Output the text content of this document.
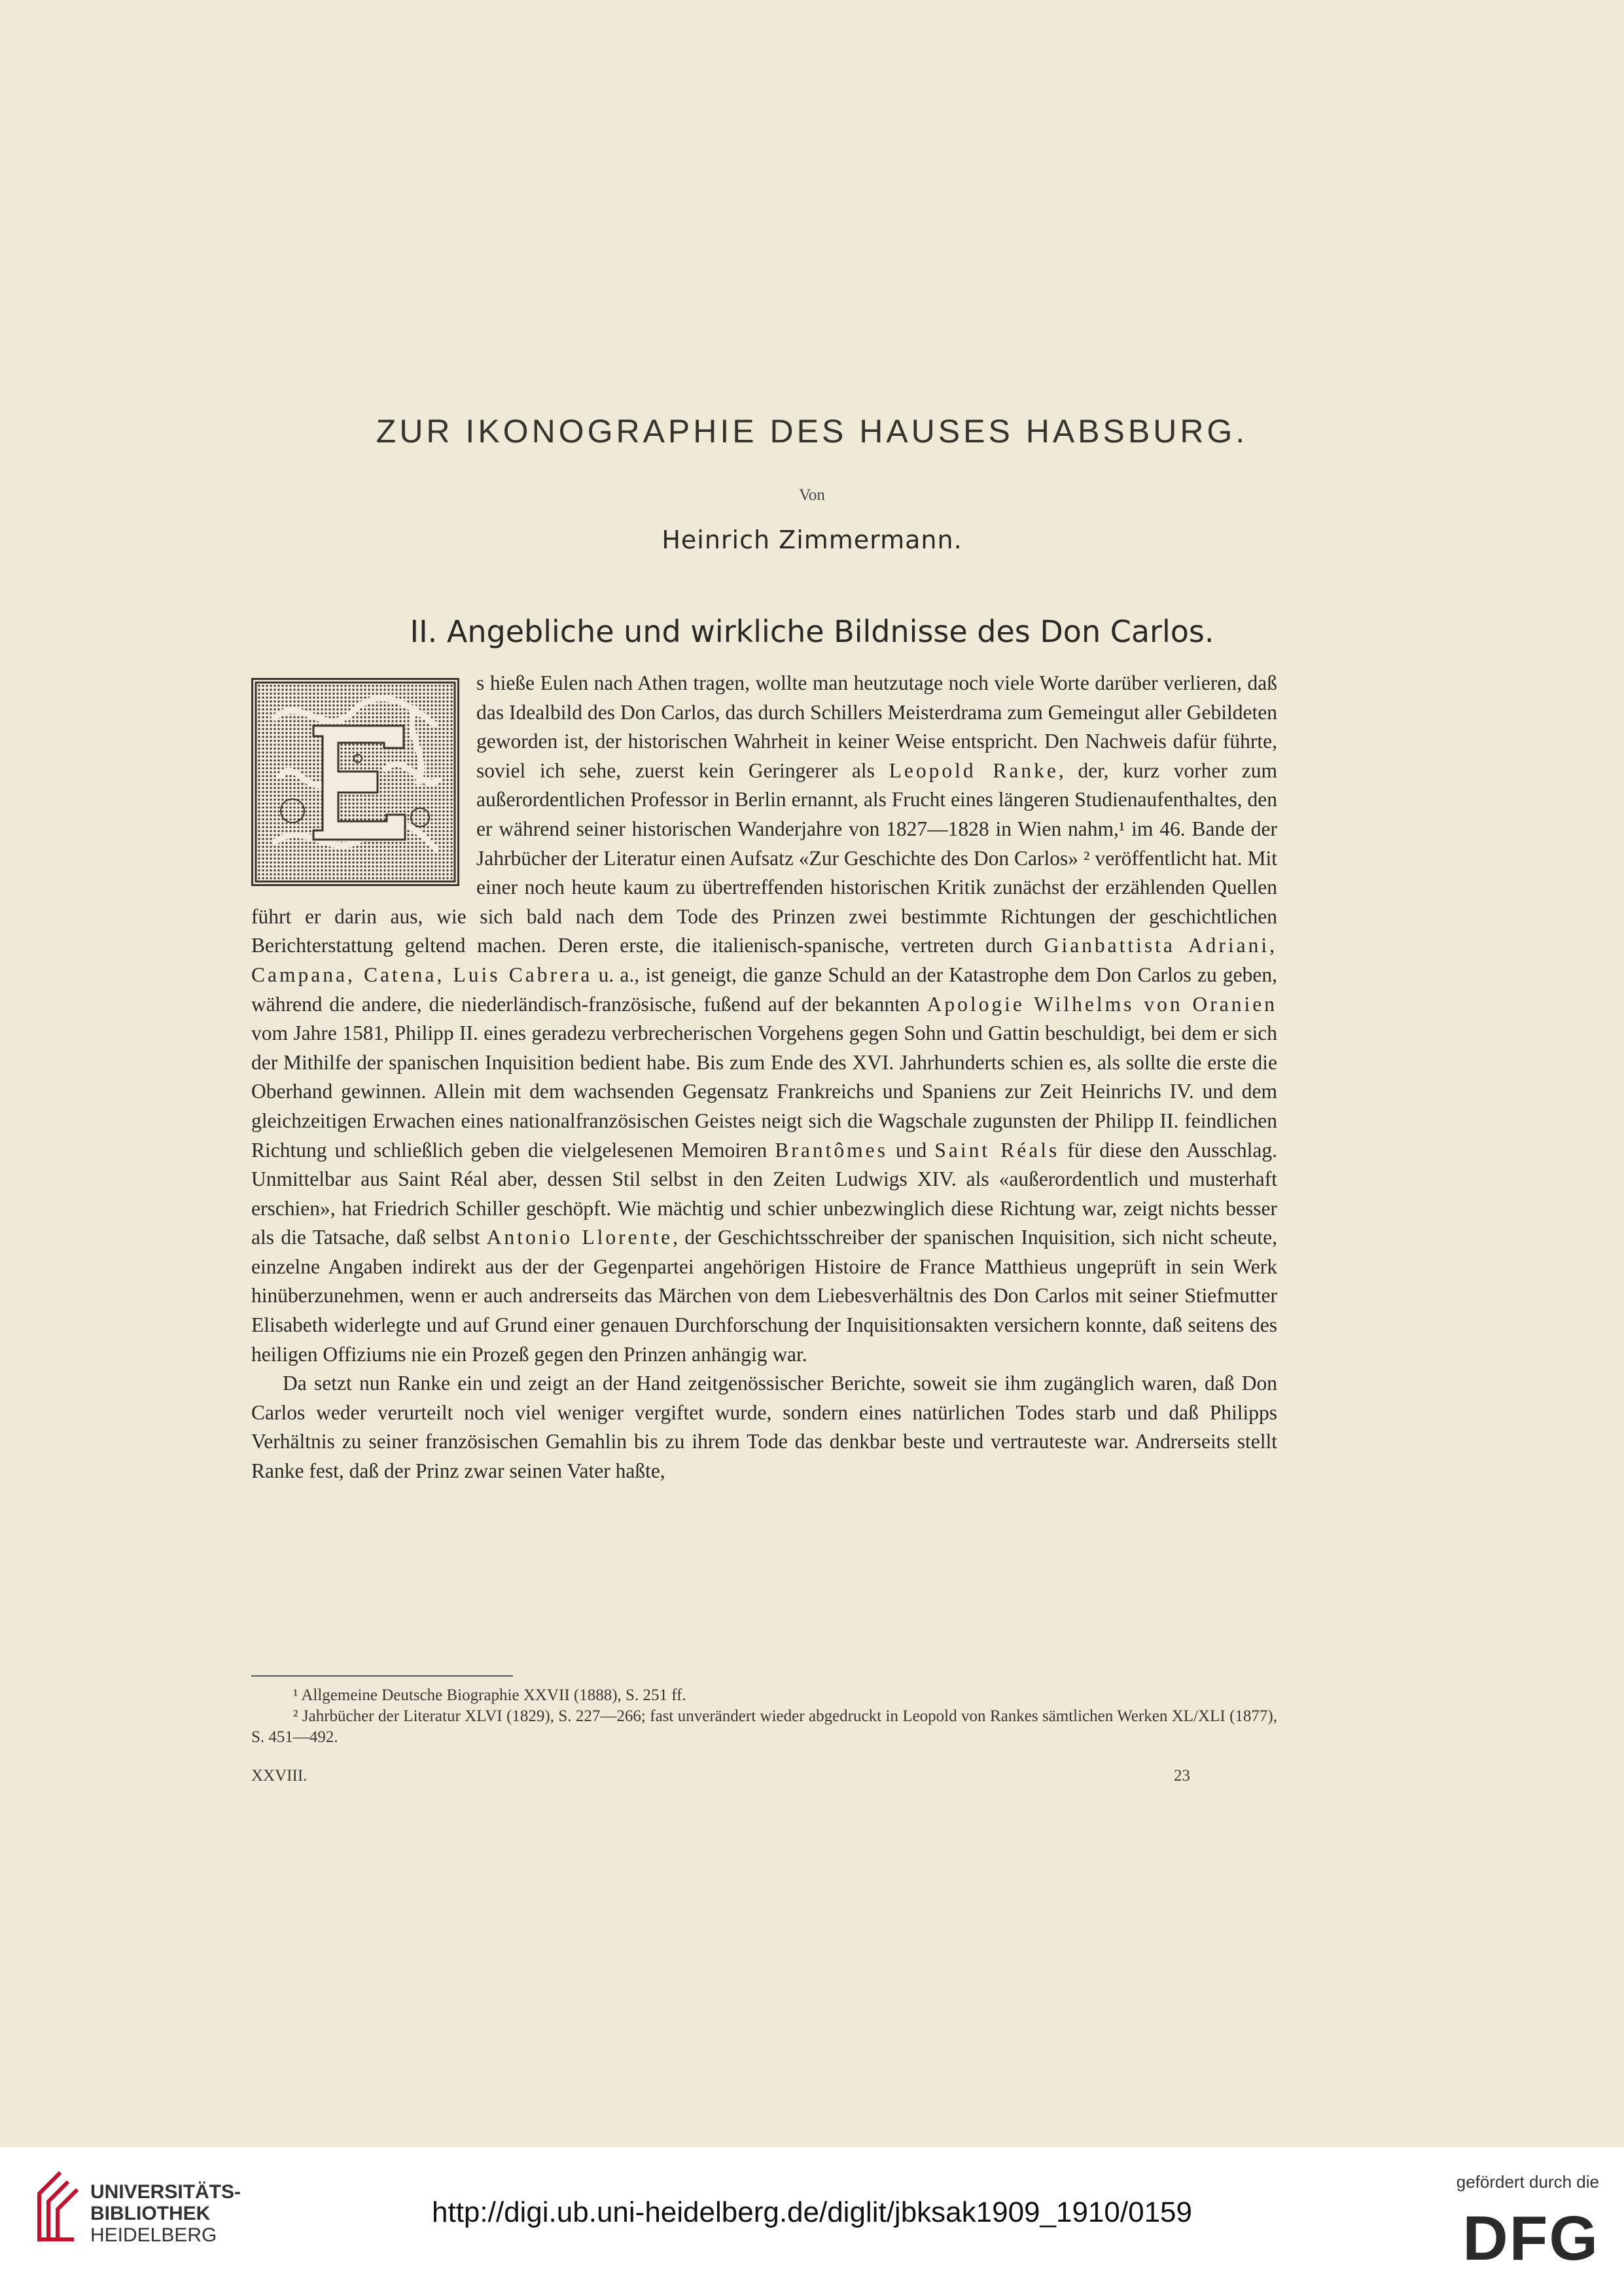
ZUR IKONOGRAPHIE DES HAUSES HABSBURG.
Von
Heinrich Zimmermann.
II. Angebliche und wirkliche Bildnisse des Don Carlos.

s hieße Eulen nach Athen tragen, wollte man heutzutage noch viele Worte darüber verlieren, daß das Idealbild des Don Carlos, das durch Schillers Meisterdrama zum Gemeingut aller Gebildeten geworden ist, der historischen Wahrheit in keiner Weise entspricht. Den Nachweis dafür führte, soviel ich sehe, zuerst kein Geringerer als Leopold Ranke, der, kurz vorher zum außerordentlichen Professor in Berlin ernannt, als Frucht eines längeren Studienaufenthaltes, den er während seiner historischen Wanderjahre von 1827—1828 in Wien nahm,¹ im 46. Bande der Jahrbücher der Literatur einen Aufsatz «Zur Geschichte des Don Carlos» ² veröffentlicht hat. Mit einer noch heute kaum zu übertreffenden historischen Kritik zunächst der erzählenden Quellen führt er darin aus, wie sich bald nach dem Tode des Prinzen zwei bestimmte Richtungen der geschichtlichen Berichterstattung geltend machen. Deren erste, die italienisch-spanische, vertreten durch Gianbattista Adriani, Campana, Catena, Luis Cabrera u. a., ist geneigt, die ganze Schuld an der Katastrophe dem Don Carlos zu geben, während die andere, die niederländisch-französische, fußend auf der bekannten Apologie Wilhelms von Oranien vom Jahre 1581, Philipp II. eines geradezu verbrecherischen Vorgehens gegen Sohn und Gattin beschuldigt, bei dem er sich der Mithilfe der spanischen Inquisition bedient habe. Bis zum Ende des XVI. Jahrhunderts schien es, als sollte die erste die Oberhand gewinnen. Allein mit dem wachsenden Gegensatz Frankreichs und Spaniens zur Zeit Heinrichs IV. und dem gleichzeitigen Erwachen eines nationalfranzösischen Geistes neigt sich die Wagschale zugunsten der Philipp II. feindlichen Richtung und schließlich geben die vielgelesenen Memoiren Brantômes und Saint Réals für diese den Ausschlag. Unmittelbar aus Saint Réal aber, dessen Stil selbst in den Zeiten Ludwigs XIV. als «außerordentlich und musterhaft erschien», hat Friedrich Schiller geschöpft. Wie mächtig und schier unbezwinglich diese Richtung war, zeigt nichts besser als die Tatsache, daß selbst Antonio Llorente, der Geschichtsschreiber der spanischen Inquisition, sich nicht scheute, einzelne Angaben indirekt aus der der Gegenpartei angehörigen Histoire de France Matthieus ungeprüft in sein Werk hinüberzunehmen, wenn er auch andrerseits das Märchen von dem Liebesverhältnis des Don Carlos mit seiner Stiefmutter Elisabeth widerlegte und auf Grund einer genauen Durchforschung der Inquisitionsakten versichern konnte, daß seitens des heiligen Offiziums nie ein Prozeß gegen den Prinzen anhängig war.

Da setzt nun Ranke ein und zeigt an der Hand zeitgenössischer Berichte, soweit sie ihm zugänglich waren, daß Don Carlos weder verurteilt noch viel weniger vergiftet wurde, sondern eines natürlichen Todes starb und daß Philipps Verhältnis zu seiner französischen Gemahlin bis zu ihrem Tode das denkbar beste und vertrauteste war. Andrerseits stellt Ranke fest, daß der Prinz zwar seinen Vater haßte,

¹ Allgemeine Deutsche Biographie XXVII (1888), S. 251 ff.

² Jahrbücher der Literatur XLVI (1829), S. 227—266; fast unverändert wieder abgedruckt in Leopold von Rankes sämtlichen Werken XL/XLI (1877), S. 451—492.

XXVIII.	23
UNIVERSITÄTS-
BIBLIOTHEK
HEIDELBERG
http://digi.ub.uni-heidelberg.de/diglit/jbksak1909_1910/0159
gefördert durch die
DFG
